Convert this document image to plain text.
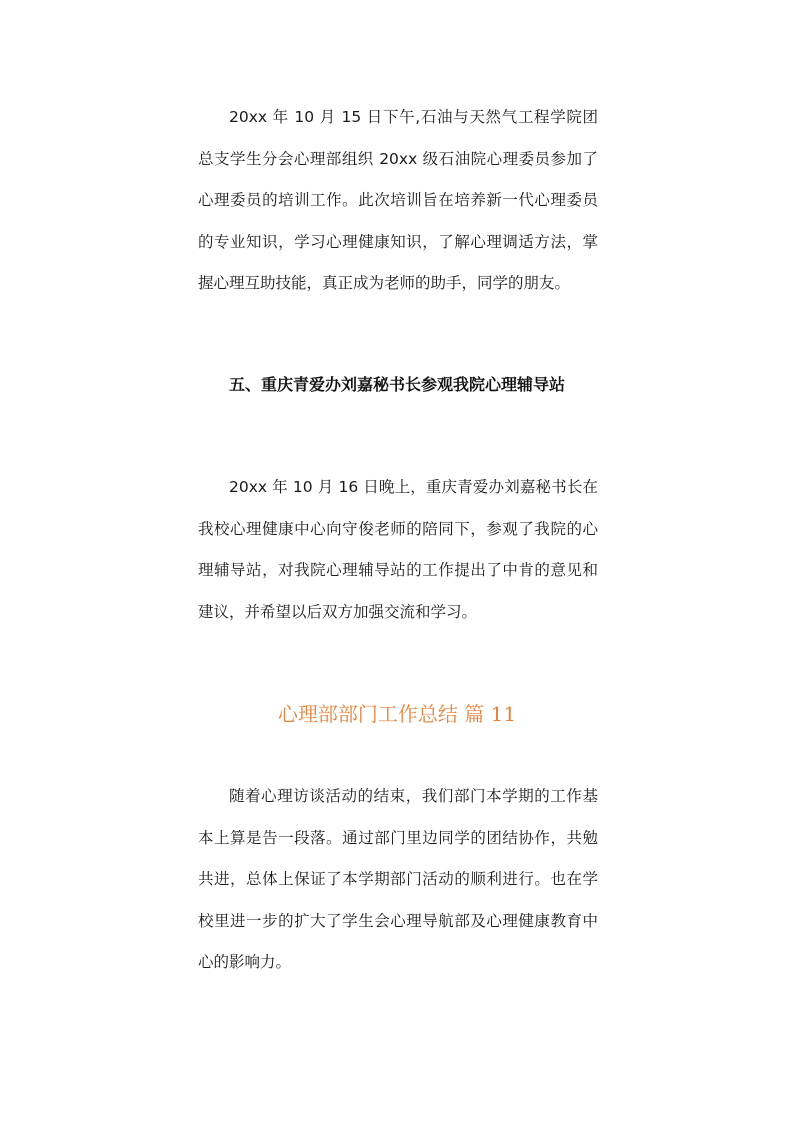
20xx 年 10 月 15 日下午,石油与天然气工程学院团总支学生分会心理部组织 20xx 级石油院心理委员参加了心理委员的培训工作。此次培训旨在培养新一代心理委员的专业知识，学习心理健康知识，了解心理调适方法，掌握心理互助技能，真正成为老师的助手，同学的朋友。

五、重庆青爱办刘嘉秘书长参观我院心理辅导站

20xx 年 10 月 16 日晚上，重庆青爱办刘嘉秘书长在我校心理健康中心向守俊老师的陪同下，参观了我院的心理辅导站，对我院心理辅导站的工作提出了中肯的意见和建议，并希望以后双方加强交流和学习。

心理部部门工作总结 篇 11

随着心理访谈活动的结束，我们部门本学期的工作基本上算是告一段落。通过部门里边同学的团结协作，共勉共进，总体上保证了本学期部门活动的顺利进行。也在学校里进一步的扩大了学生会心理导航部及心理健康教育中心的影响力。
